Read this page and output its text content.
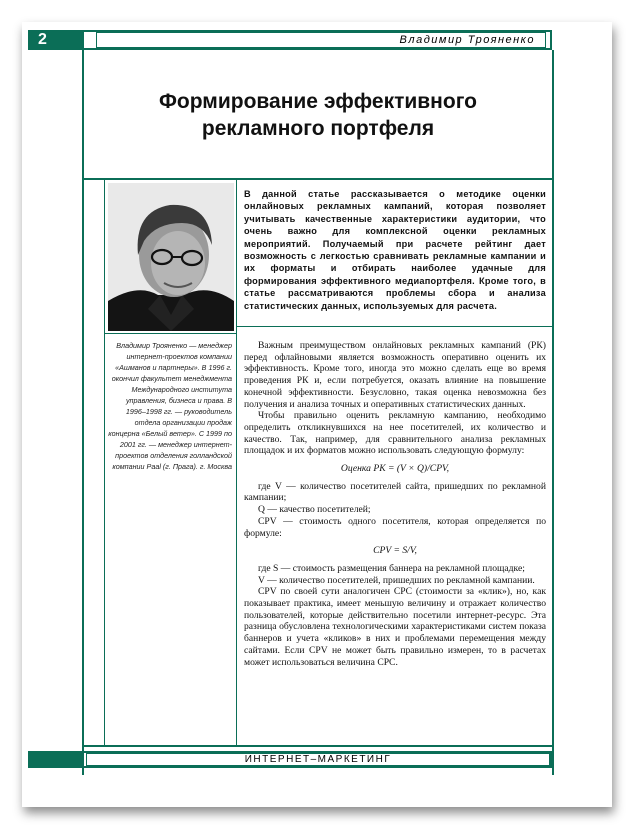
2	Владимир Трояненко
Формирование эффективного
рекламного портфеля
В данной статье рассказывается о методике оценки онлайновых рекламных кампаний, которая позволяет учитывать качественные характеристики аудитории, что очень важно для комплексной оценки рекламных мероприятий. Получаемый при расчете рейтинг дает возможность с легкостью сравнивать рекламные кампании и их форматы и отбирать наиболее удачные для формирования эффективного медиапортфеля. Кроме того, в статье рассматриваются проблемы сбора и анализа статистических данных, используемых для расчета.
Владимир Трояненко — менеджер интернет-проектов компании «Ашманов и партнеры». В 1996 г. окончил факультет менеджмента Международного института управления, бизнеса и права. В 1996–1998 гг. — руководитель отдела организации продаж концерна «Белый ветер». С 1999 по 2001 гг. — менеджер интернет-проектов отделения голландской компании Paal (г. Прага). г. Москва

Важным преимуществом онлайновых рекламных кампаний (РК) перед офлайновыми является возможность оперативно оценить их эффективность. Кроме того, иногда это можно сделать еще во время проведения РК и, если потребуется, оказать влияние на повышение конечной эффективности. Безусловно, такая оценка невозможна без получения и анализа точных и оперативных статистических данных.

Чтобы правильно оценить рекламную кампанию, необходимо определить откликнувшихся на нее посетителей, их количество и качество. Так, например, для сравнительного анализа рекламных площадок и их форматов можно использовать следующую формулу:

Оценка РК = (V × Q)/CPV,

где V — количество посетителей сайта, пришедших по рекламной кампании;

Q — качество посетителей;

CPV — стоимость одного посетителя, которая определяется по формуле:

CPV = S/V,

где S — стоимость размещения баннера на рекламной площадке;

V — количество посетителей, пришедших по рекламной кампании.

CPV по своей сути аналогичен CPC (стоимости за «клик»), но, как показывает практика, имеет меньшую величину и отражает количество пользователей, которые действительно посетили интернет-ресурс. Эта разница обусловлена технологическими характеристиками систем показа баннеров и учета «кликов» в них и проблемами перемещения между сайтами. Если CPV не может быть правильно измерен, то в расчетах может использоваться величина CPC.

ИНТЕРНЕТ–МАРКЕТИНГ
